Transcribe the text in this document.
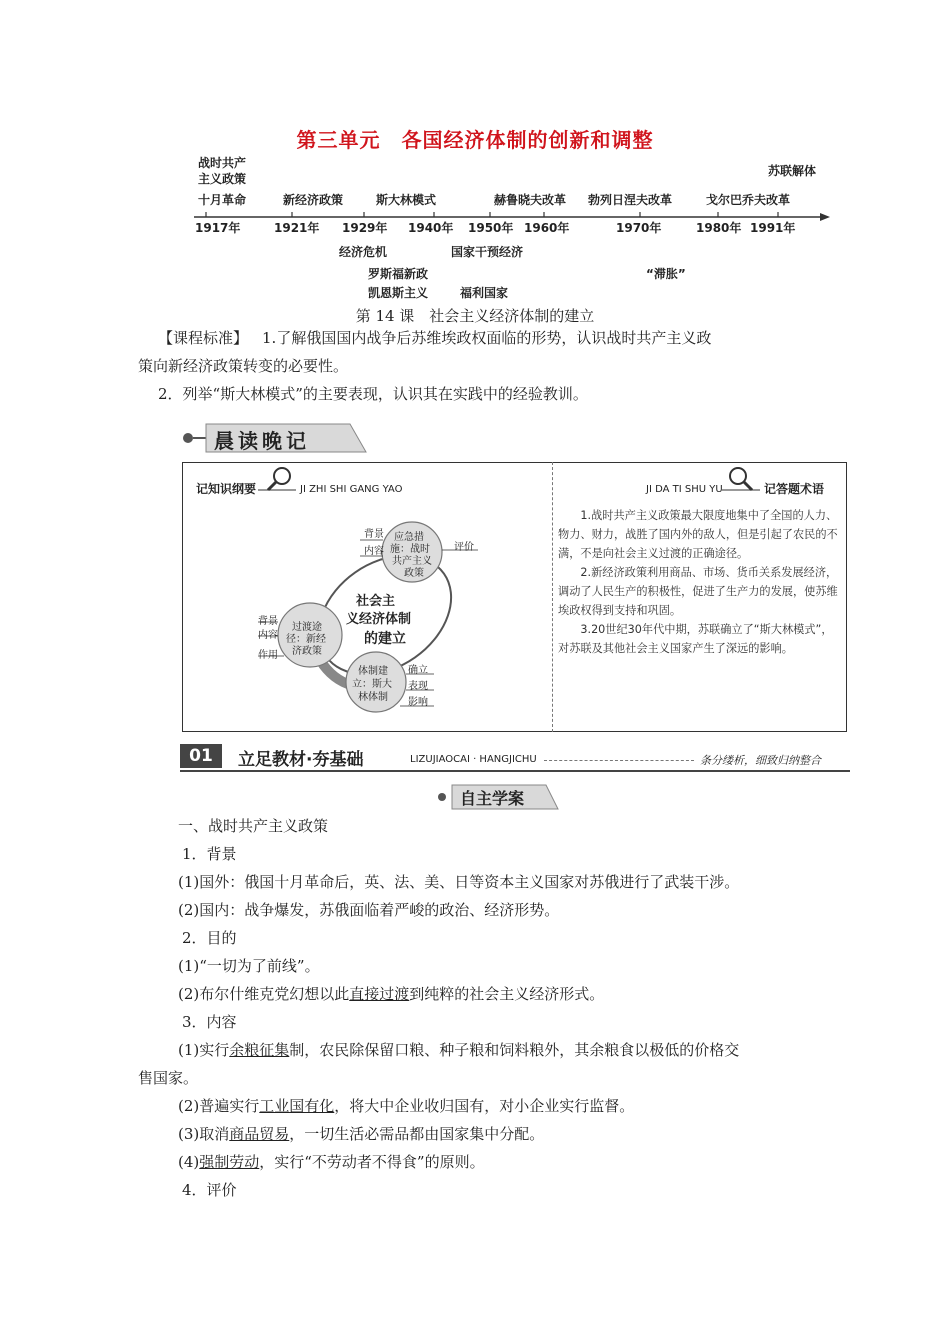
第三单元　各国经济体制的创新和调整
战时共产
主义政策
苏联解体
十月革命	新经济政策	斯大林模式	赫鲁晓夫改革 勃列日涅夫改革	戈尔巴乔夫改革
1917年	1921年 1929年 1940年 1950年 1960年	1970年	1980年 1991年
经济危机	国家干预经济
罗斯福新政
凯恩斯主义	福利国家
“滞胀”
第 14 课　社会主义经济体制的建立
【课程标准】 1.了解俄国国内战争后苏维埃政权面临的形势，认识战时共产主义政
策向新经济政策转变的必要性。
2．列举“斯大林模式”的主要表现，认识其在实践中的经验教训。
晨读晚记
记知识纲要	JI ZHI SHI GANG YAO	JI DA TI SHU YU	记答题术语
背景
内容
应急措
施：战时
共产主义
政策
评价
社会主
义经济体制
的建立
背景
内容
作用
过渡途
径：新经
济政策
体制建
立：斯大
林体制
确立
表现
影响

1.战时共产主义政策最大限度地集中了全国的人力、物力、财力，战胜了国内外的敌人，但是引起了农民的不满，不是向社会主义过渡的正确途径。

2.新经济政策利用商品、市场、货币关系发展经济，调动了人民生产的积极性，促进了生产力的发展，使苏维埃政权得到支持和巩固。

3.20世纪30年代中期，苏联确立了“斯大林模式”，对苏联及其他社会主义国家产生了深远的影响。

01	立足教材·夯基础	LIZUJIAOCAI · HANGJICHU	条分缕析，细致归纳整合
自主学案
一、战时共产主义政策
1．背景
(1)国外：俄国十月革命后，英、法、美、日等资本主义国家对苏俄进行了武装干涉。
(2)国内：战争爆发，苏俄面临着严峻的政治、经济形势。
2．目的
(1)“一切为了前线”。
(2)布尔什维克党幻想以此直接过渡到纯粹的社会主义经济形式。
3．内容
(1)实行余粮征集制，农民除保留口粮、种子粮和饲料粮外，其余粮食以极低的价格交
售国家。
(2)普遍实行工业国有化，将大中企业收归国有，对小企业实行监督。
(3)取消商品贸易，一切生活必需品都由国家集中分配。
(4)强制劳动，实行“不劳动者不得食”的原则。
4．评价
